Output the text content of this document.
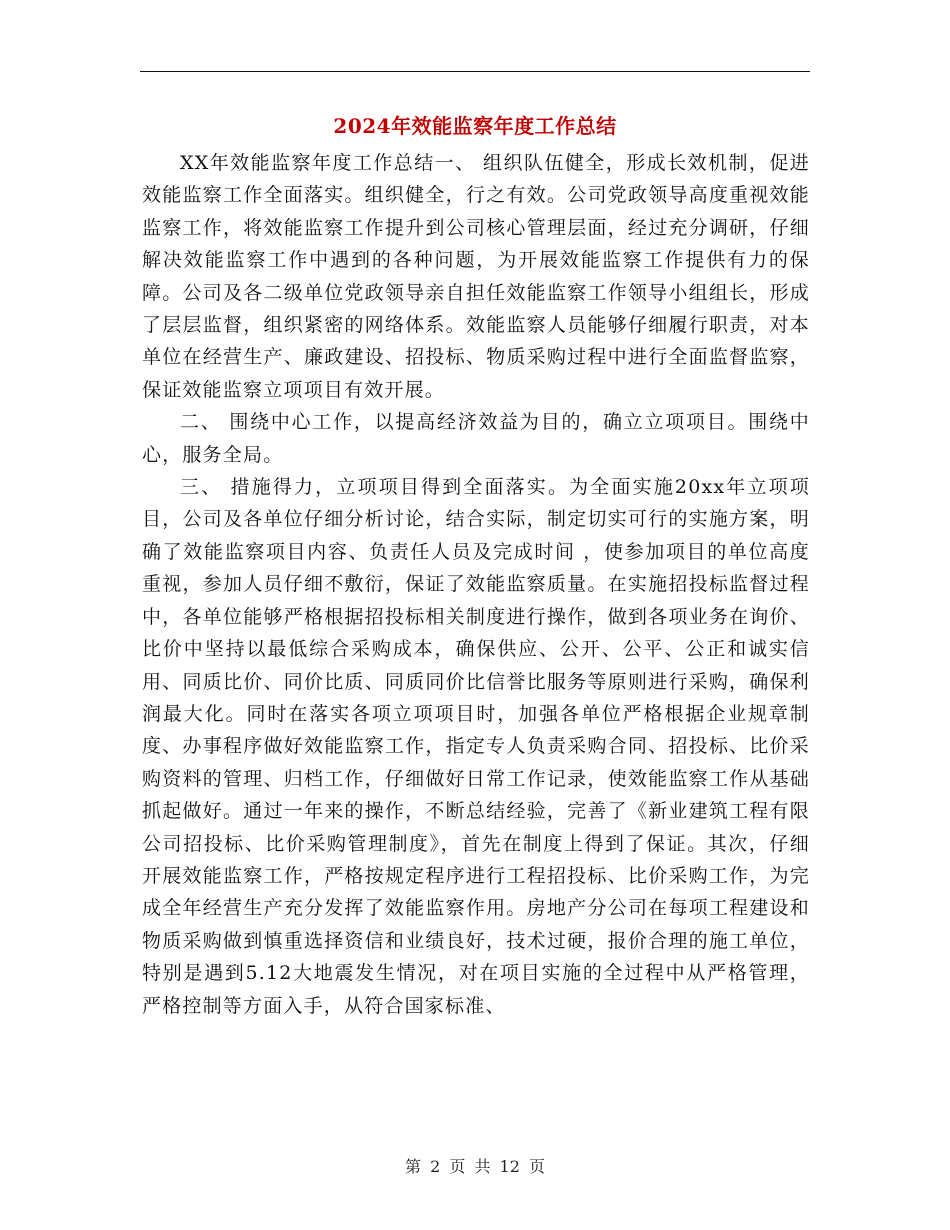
2024年效能监察年度工作总结

XX年效能监察年度工作总结一、 组织队伍健全，形成长效机制，促进效能监察工作全面落实。组织健全，行之有效。公司党政领导高度重视效能监察工作，将效能监察工作提升到公司核心管理层面，经过充分调研，仔细解决效能监察工作中遇到的各种问题，为开展效能监察工作提供有力的保障。公司及各二级单位党政领导亲自担任效能监察工作领导小组组长，形成了层层监督，组织紧密的网络体系。效能监察人员能够仔细履行职责，对本单位在经营生产、廉政建设、招投标、物质采购过程中进行全面监督监察，保证效能监察立项项目有效开展。

二、 围绕中心工作，以提高经济效益为目的，确立立项项目。围绕中心，服务全局。

三、 措施得力，立项项目得到全面落实。为全面实施20xx年立项项目，公司及各单位仔细分析讨论，结合实际，制定切实可行的实施方案，明确了效能监察项目内容、负责任人员及完成时间 ，使参加项目的单位高度重视，参加人员仔细不敷衍，保证了效能监察质量。在实施招投标监督过程中，各单位能够严格根据招投标相关制度进行操作，做到各项业务在询价、比价中坚持以最低综合采购成本，确保供应、公开、公平、公正和诚实信用、同质比价、同价比质、同质同价比信誉比服务等原则进行采购，确保利润最大化。同时在落实各项立项项目时，加强各单位严格根据企业规章制度、办事程序做好效能监察工作，指定专人负责采购合同、招投标、比价采购资料的管理、归档工作，仔细做好日常工作记录，使效能监察工作从基础抓起做好。通过一年来的操作，不断总结经验，完善了《新业建筑工程有限公司招投标、比价采购管理制度》，首先在制度上得到了保证。其次，仔细开展效能监察工作，严格按规定程序进行工程招投标、比价采购工作，为完成全年经营生产充分发挥了效能监察作用。房地产分公司在每项工程建设和物质采购做到慎重选择资信和业绩良好，技术过硬，报价合理的施工单位，特别是遇到5.12大地震发生情况，对在项目实施的全过程中从严格管理，严格控制等方面入手，从符合国家标准、

第 2 页 共 12 页
